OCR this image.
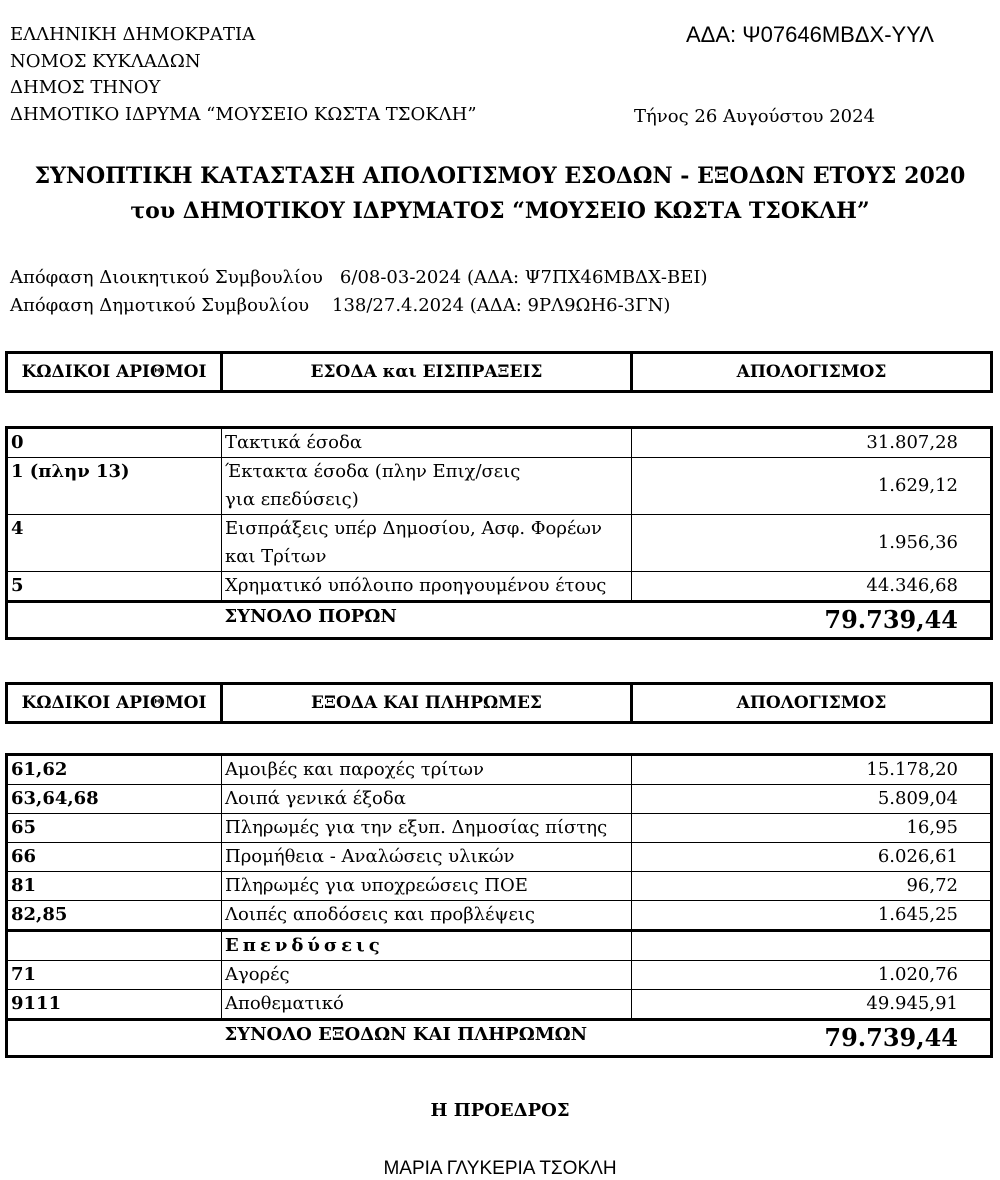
ΕΛΛΗΝΙΚΗ ΔΗΜΟΚΡΑΤΙΑ
ΝΟΜΟΣ ΚΥΚΛΑΔΩΝ
ΔΗΜΟΣ ΤΗΝΟΥ
ΔΗΜΟΤΙΚΟ ΙΔΡΥΜΑ “ΜΟΥΣΕΙΟ ΚΩΣΤΑ ΤΣΟΚΛΗ”
ΑΔΑ: Ψ07646ΜΒΔΧ-ΥΥΛ
Τήνος 26 Αυγούστου 2024
ΣΥΝΟΠΤΙΚΗ ΚΑΤΑΣΤΑΣΗ ΑΠΟΛΟΓΙΣΜΟΥ ΕΣΟΔΩΝ - ΕΞΟΔΩΝ ΕΤΟΥΣ 2020
του ΔΗΜΟΤΙΚΟΥ ΙΔΡΥΜΑΤΟΣ “ΜΟΥΣΕΙΟ ΚΩΣΤΑ ΤΣΟΚΛΗ”
Απόφαση Διοικητικού Συμβουλίου   6/08-03-2024 (ΑΔΑ: Ψ7ΠΧ46ΜΒΔΧ-ΒΕΙ)
Απόφαση Δημοτικού Συμβουλίου    138/27.4.2024 (ΑΔΑ: 9ΡΛ9ΩΗ6-3ΓΝ)
ΚΩΔΙΚΟΙ ΑΡΙΘΜΟΙ	ΕΣΟΔΑ και ΕΙΣΠΡΑΞΕΙΣ	ΑΠΟΛΟΓΙΣΜΟΣ
0	Τακτικά έσοδα	31.807,28
1 (πλην 13)	Έκτακτα έσοδα (πλην Επιχ/σεις
για επεδύσεις)	1.629,12
4	Εισπράξεις υπέρ Δημοσίου, Ασφ. Φορέων
και Τρίτων	1.956,36
5	Χρηματικό υπόλοιπο προηγουμένου έτους	44.346,68
	ΣΥΝΟΛΟ ΠΟΡΩΝ	79.739,44
ΚΩΔΙΚΟΙ ΑΡΙΘΜΟΙ	ΕΞΟΔΑ ΚΑΙ ΠΛΗΡΩΜΕΣ	ΑΠΟΛΟΓΙΣΜΟΣ
61,62	Αμοιβές και παροχές τρίτων	15.178,20
63,64,68	Λοιπά γενικά έξοδα	5.809,04
65	Πληρωμές για την εξυπ. Δημοσίας πίστης	16,95
66	Προμήθεια - Αναλώσεις υλικών	6.026,61
81	Πληρωμές για υποχρεώσεις ΠΟΕ	96,72
82,85	Λοιπές αποδόσεις και προβλέψεις	1.645,25
	Επενδύσεις	
71	Αγορές	1.020,76
9111	Αποθεματικό	49.945,91
	ΣΥΝΟΛΟ ΕΞΟΔΩΝ ΚΑΙ ΠΛΗΡΩΜΩΝ	79.739,44
Η ΠΡΟΕΔΡΟΣ
ΜΑΡΙΑ ΓΛΥΚΕΡΙΑ ΤΣΟΚΛΗ
